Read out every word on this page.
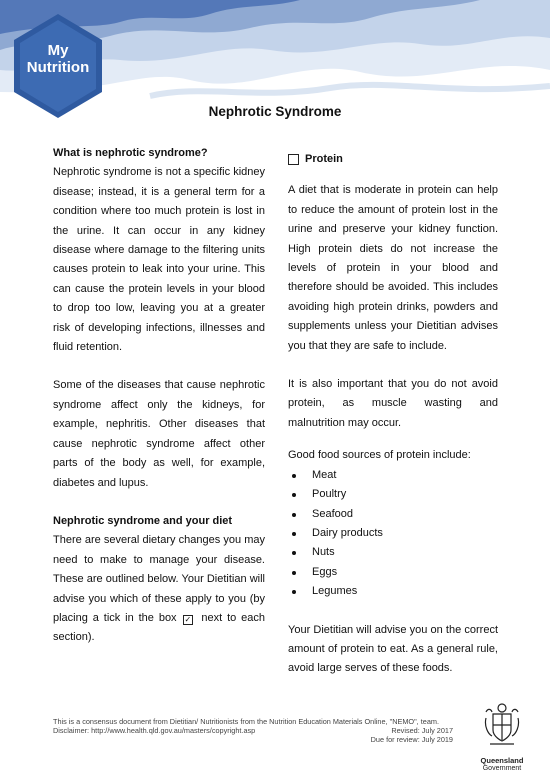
My
Nutrition
Nephrotic Syndrome

What is nephrotic syndrome?

Nephrotic syndrome is not a specific kidney disease; instead, it is a general term for a condition where too much protein is lost in the urine. It can occur in any kidney disease where damage to the filtering units causes protein to leak into your urine. This can cause the protein levels in your blood to drop too low, leaving you at a greater risk of developing infections, illnesses and fluid retention.

Some of the diseases that cause nephrotic syndrome affect only the kidneys, for example, nephritis. Other diseases that cause nephrotic syndrome affect other parts of the body as well, for example, diabetes and lupus.

Nephrotic syndrome and your diet

There are several dietary changes you may need to make to manage your disease. These are outlined below. Your Dietitian will advise you which of these apply to you (by placing a tick in the box ✓ next to each section).

Protein

A diet that is moderate in protein can help to reduce the amount of protein lost in the urine and preserve your kidney function. High protein diets do not increase the levels of protein in your blood and therefore should be avoided. This includes avoiding high protein drinks, powders and supplements unless your Dietitian advises you that they are safe to include.

It is also important that you do not avoid protein, as muscle wasting and malnutrition may occur.

Good food sources of protein include:

Meat
Poultry
Seafood
Dairy products
Nuts
Eggs
Legumes

Your Dietitian will advise you on the correct amount of protein to eat. As a general rule, avoid large serves of these foods.

This is a consensus document from Dietitian/ Nutritionists from the Nutrition Education Materials Online, "NEMO", team.
Disclaimer: http://www.health.qld.gov.au/masters/copyright.asp	Revised: July 2017
Due for review: July 2019
Queensland
Government
